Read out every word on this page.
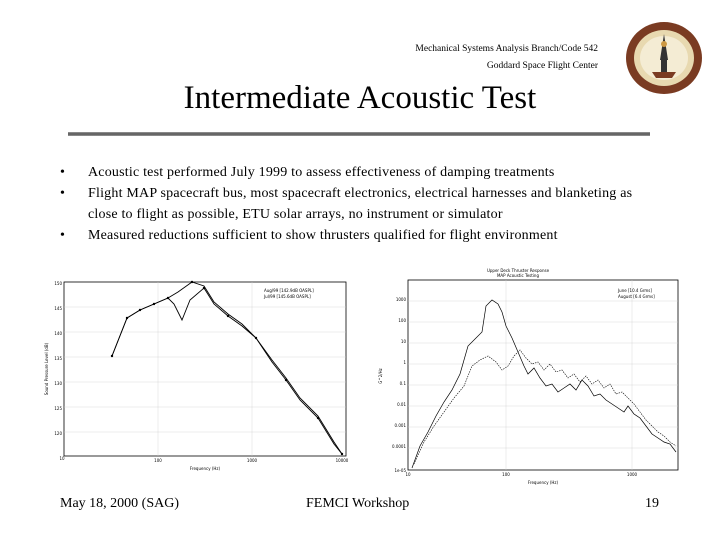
Mechanical Systems Analysis Branch/Code 542
Goddard Space Flight Center
Intermediate Acoustic Test
• Acoustic test performed July 1999 to assess effectiveness of damping treatments
• Flight MAP spacecraft bus, most spacecraft electronics, electrical harnesses and blanketing as close to flight as possible, ETU solar arrays, no instrument or simulator
• Measured reductions sufficient to show thrusters qualified for flight environment
10	100	1000	10000
120
125
130
135
140
145
150
Frequency (Hz)
Sound Pressure Level (dB)
Aug/99 [142.9dB OASPL]
Jul/99 [145.6dB OASPL]
Upper Deck Thruster Response
MAP Acoustic Testing
1e-05
0.0001
0.001
0.01
0.1
1
10
100
1000
10	100	1000
Frequency (Hz)
G^2/Hz
June [10.4 Grms]
August [6.4 Grms]
May 18, 2000 (SAG)	FEMCI Workshop	19
